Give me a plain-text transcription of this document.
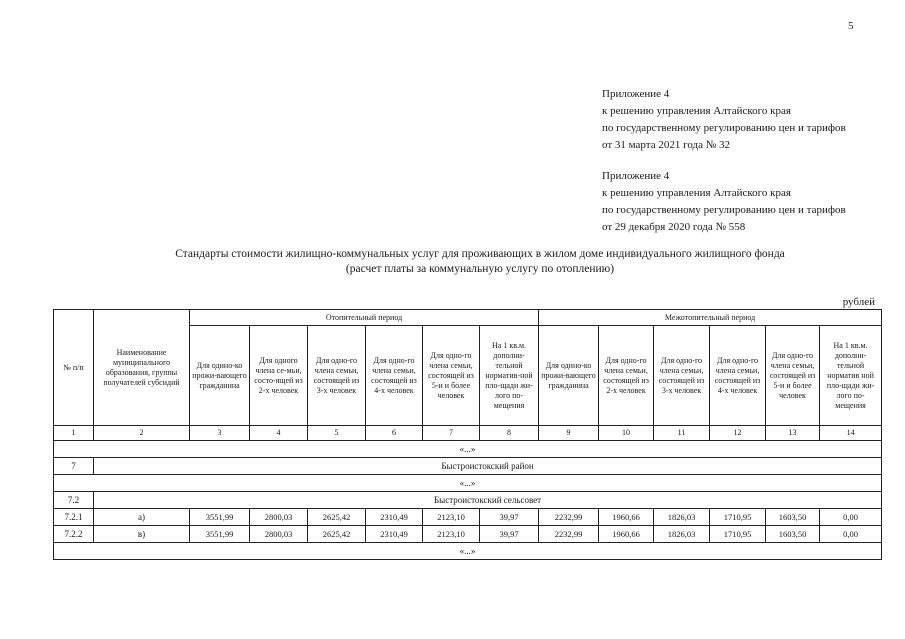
5
Приложение 4
к решению управления Алтайского края
по государственному регулированию цен и тарифов
от 31 марта 2021 года № 32
Приложение 4
к решению управления Алтайского края
по государственному регулированию цен и тарифов
от 29 декабря 2020 года № 558
Стандарты стоимости жилищно-коммунальных услуг для проживающих в жилом доме индивидуального жилищного фонда
(расчет платы за коммунальную услугу по отоплению)
рублей
№ п/п	Наименование муниципального образования, группы получателей субсидий	Отопительный период						Межотопительный период					
		Для одино-ко прожи-вающего гражданина	Для одного члена се-мьи, состо-ящей из 2-х человек	Для одно-го члена семьи, состоящей из 3-х человек	Для одно-го члена семьи, состоящей из 4-х человек	Для одно-го члена семьи, состоящей из 5-и и более человек	На 1 кв.м. дополни-тельной норматив-ной пло-щади жи-лого по-мещения	Для одино-ко прожи-вающего гражданина	Для одно-го члена семьи, состоящей из 2-х человек	Для одно-го члена семьи, состоящей из 3-х человек	Для одно-го члена семьи, состоящей из 4-х человек	Для одно-го члена семьи, состоящей из 5-и и более человек	На 1 кв.м. дополни-тельной норматив ной пло-щади жи-лого по-мещения
1	2	3	4	5	6	7	8	9	10	11	12	13	14
«...»													
7	Быстроистокский район												
«...»													
7.2	Быстроистокский сельсовет												
7.2.1	а)	3551,99	2800,03	2625,42	2310,49	2123,10	39,97	2232,99	1960,66	1826,03	1710,95	1603,50	0,00
7.2.2	в)	3551,99	2800,03	2625,42	2310,49	2123,10	39,97	2232,99	1960,66	1826,03	1710,95	1603,50	0,00
«...»													
